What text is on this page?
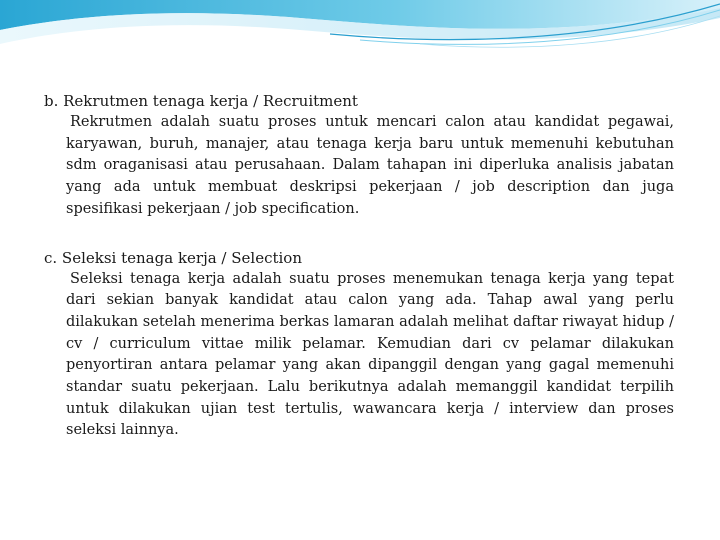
b. Rekrutmen tenaga kerja / Recruitment

Rekrutmen adalah suatu proses untuk mencari calon atau kandidat pegawai, karyawan, buruh, manajer, atau tenaga kerja baru untuk memenuhi kebutuhan sdm oraganisasi atau perusahaan. Dalam tahapan ini diperluka analisis jabatan yang ada untuk membuat deskripsi pekerjaan / job description dan juga spesifikasi pekerjaan / job specification.

c. Seleksi tenaga kerja / Selection

Seleksi tenaga kerja adalah suatu proses menemukan tenaga kerja yang tepat dari sekian banyak kandidat atau calon yang ada. Tahap awal yang perlu dilakukan setelah menerima berkas lamaran adalah melihat daftar riwayat hidup / cv / curriculum vittae milik pelamar. Kemudian dari cv pelamar dilakukan penyortiran antara pelamar yang akan dipanggil dengan yang gagal memenuhi standar suatu pekerjaan. Lalu berikutnya adalah memanggil kandidat terpilih untuk dilakukan ujian test tertulis, wawancara kerja / interview dan proses seleksi lainnya.
